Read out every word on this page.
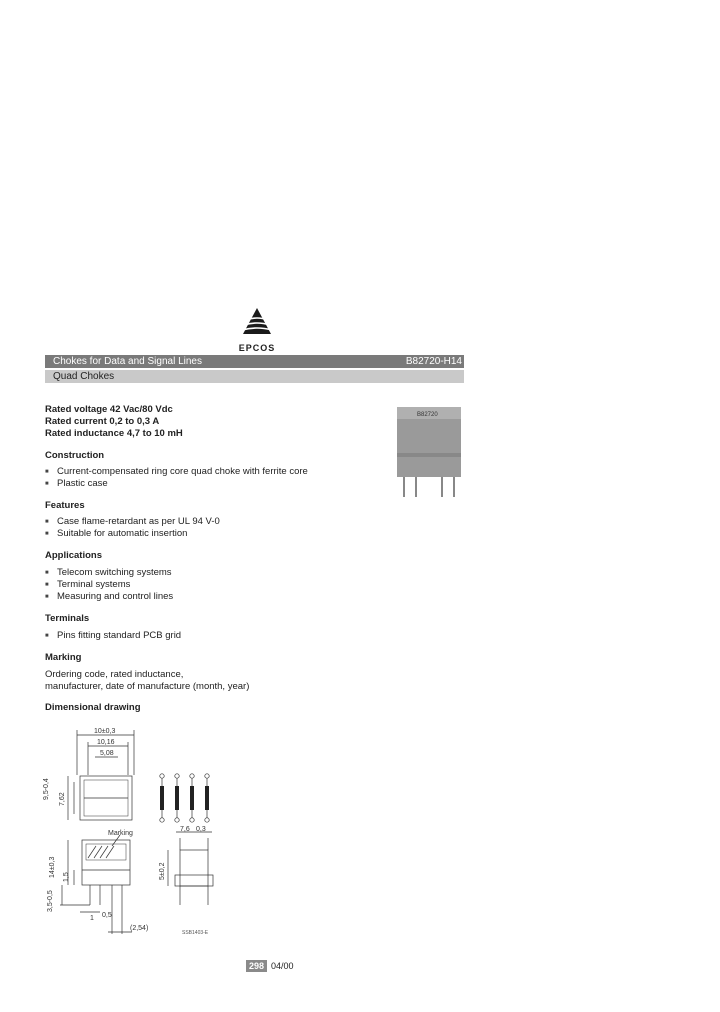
EPCOS
Chokes for Data and Signal Lines	B82720-H14
Quad Chokes
Rated voltage 42 Vac/80 Vdc
Rated current 0,2 to 0,3 A
Rated inductance 4,7 to 10 mH
Construction
■ Current-compensated ring core quad choke with ferrite core
■ Plastic case
Features
■ Case flame-retardant as per UL 94 V-0
■ Suitable for automatic insertion
Applications
■ Telecom switching systems
■ Terminal systems
■ Measuring and control lines
Terminals
■ Pins fitting standard PCB grid
Marking
Ordering code, rated inductance,
manufacturer, date of manufacture (month, year)
Dimensional drawing
B82720
10±0,3
10,16
5,08
9,5-0,4 7,62
Marking
14±0,3 1,5
3,5-0,5
1 0,5
(2,54)
7,6 0,3
5±0,2
SSB1403-E
298 04/00
